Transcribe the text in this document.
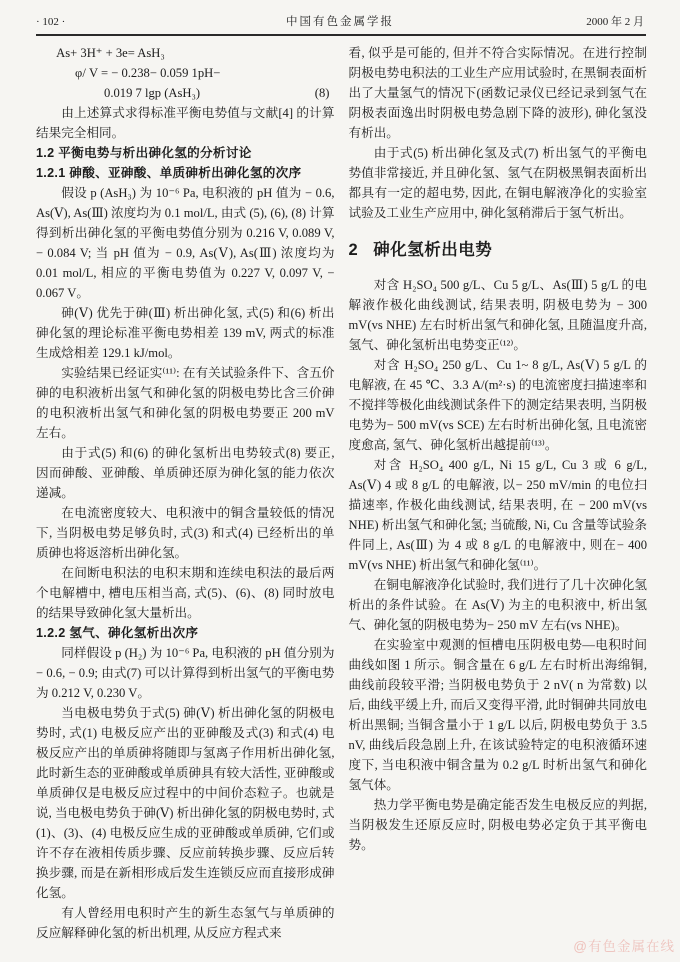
· 102 ·	中国有色金属学报	2000 年 2 月
As+ 3H⁺ + 3e= AsH₃
φ/ V = − 0.238− 0.059 1pH−
0.019 7 lgp (AsH₃)	(8)

由上述算式求得标准平衡电势值与文献[4] 的计算结果完全相同。

1.2 平衡电势与析出砷化氢的分析讨论
1.2.1 砷酸、亚砷酸、单质砷析出砷化氢的次序

假设 p (AsH₃) 为 10⁻⁶ Pa, 电积液的 pH 值为 − 0.6, As(Ⅴ), As(Ⅲ) 浓度均为 0.1 mol/L, 由式 (5), (6), (8) 计算得到析出砷化氢的平衡电势值分别为 0.216 V, 0.089 V, − 0.084 V; 当 pH 值为 − 0.9, As(Ⅴ), As(Ⅲ) 浓度均为 0.01 mol/L, 相应的平衡电势值为 0.227 V, 0.097 V, − 0.067 V。

砷(Ⅴ) 优先于砷(Ⅲ) 析出砷化氢, 式(5) 和(6) 析出砷化氢的理论标准平衡电势相差 139 mV, 两式的标准生成焓相差 129.1 kJ/mol。

实验结果已经证实⁽¹¹⁾: 在有关试验条件下、含五价砷的电积液析出氢气和砷化氢的阴极电势比含三价砷的电积液析出氢气和砷化氢的阴极电势要正 200 mV 左右。

由于式(5) 和(6) 的砷化氢析出电势较式(8) 要正, 因而砷酸、亚砷酸、单质砷还原为砷化氢的能力依次递减。

在电流密度较大、电积液中的铜含量较低的情况下, 当阴极电势足够负时, 式(3) 和式(4) 已经析出的单质砷也将返溶析出砷化氢。

在间断电积法的电积末期和连续电积法的最后两个电解槽中, 槽电压相当高, 式(5)、(6)、(8) 同时放电的结果导致砷化氢大量析出。

1.2.2 氢气、砷化氢析出次序

同样假设 p (H₂) 为 10⁻⁶ Pa, 电积液的 pH 值分别为− 0.6, − 0.9; 由式(7) 可以计算得到析出氢气的平衡电势为 0.212 V, 0.230 V。

当电极电势负于式(5) 砷(Ⅴ) 析出砷化氢的阴极电势时, 式(1) 电极反应产出的亚砷酸及式(3) 和式(4) 电极反应产出的单质砷将随即与氢离子作用析出砷化氢, 此时新生态的亚砷酸或单质砷具有较大活性, 亚砷酸或单质砷仅是电极反应过程中的中间价态粒子。也就是说, 当电极电势负于砷(Ⅴ) 析出砷化氢的阴极电势时, 式(1)、(3)、(4) 电极反应生成的亚砷酸或单质砷, 它们或许不存在液相传质步骤、反应前转换步骤、反应后转换步骤, 而是在新相形成后发生连锁反应而直接形成砷化氢。

有人曾经用电积时产生的新生态氢气与单质砷的反应解释砷化氢的析出机理, 从反应方程式来

看, 似乎是可能的, 但并不符合实际情况。在进行控制阴极电势电积法的工业生产应用试验时, 在黑铜表面析出了大量氢气的情况下(函数记录仪已经记录到氢气在阴极表面逸出时阴极电势急剧下降的波形), 砷化氢没有析出。

由于式(5) 析出砷化氢及式(7) 析出氢气的平衡电势值非常接近, 并且砷化氢、氢气在阴极黑铜表面析出都具有一定的超电势, 因此, 在铜电解液净化的实验室试验及工业生产应用中, 砷化氢稍滞后于氢气析出。

2 砷化氢析出电势

对含 H₂SO₄ 500 g/L、Cu 5 g/L、As(Ⅲ) 5 g/L 的电解液作极化曲线测试, 结果表明, 阴极电势为 − 300 mV(vs NHE) 左右时析出氢气和砷化氢, 且随温度升高, 氢气、砷化氢析出电势变正⁽¹²⁾。

对含 H₂SO₄ 250 g/L、Cu 1~ 8 g/L, As(Ⅴ) 5 g/L 的电解液, 在 45 ℃、3.3 A/(m²·s) 的电流密度扫描速率和不搅拌等极化曲线测试条件下的测定结果表明, 当阴极电势为− 500 mV(vs SCE) 左右时析出砷化氢, 且电流密度愈高, 氢气、砷化氢析出越提前⁽¹³⁾。

对含 H₂SO₄ 400 g/L, Ni 15 g/L, Cu 3 或 6 g/L, As(Ⅴ) 4 或 8 g/L 的电解液, 以− 250 mV/min 的电位扫描速率, 作极化曲线测试, 结果表明, 在 − 200 mV(vs NHE) 析出氢气和砷化氢; 当硫酸, Ni, Cu 含量等试验条件同上, As(Ⅲ) 为 4 或 8 g/L 的电解液中, 则在− 400 mV(vs NHE) 析出氢气和砷化氢⁽¹¹⁾。

在铜电解液净化试验时, 我们进行了几十次砷化氢析出的条件试验。在 As(Ⅴ) 为主的电积液中, 析出氢气、砷化氢的阴极电势为− 250 mV 左右(vs NHE)。

在实验室中观测的恒槽电压阴极电势—电积时间曲线如图 1 所示。铜含量在 6 g/L 左右时析出海绵铜, 曲线前段较平滑; 当阴极电势负于 2 nV( n 为常数) 以后, 曲线平缓上升, 而后又变得平滑, 此时铜砷共同放电析出黑铜; 当铜含量小于 1 g/L 以后, 阴极电势负于 3.5 nV, 曲线后段急剧上升, 在该试验特定的电积液循环速度下, 当电积液中铜含量为 0.2 g/L 时析出氢气和砷化氢气体。

热力学平衡电势是确定能否发生电极反应的判据, 当阴极发生还原反应时, 阴极电势必定负于其平衡电势。

@有色金属在线
